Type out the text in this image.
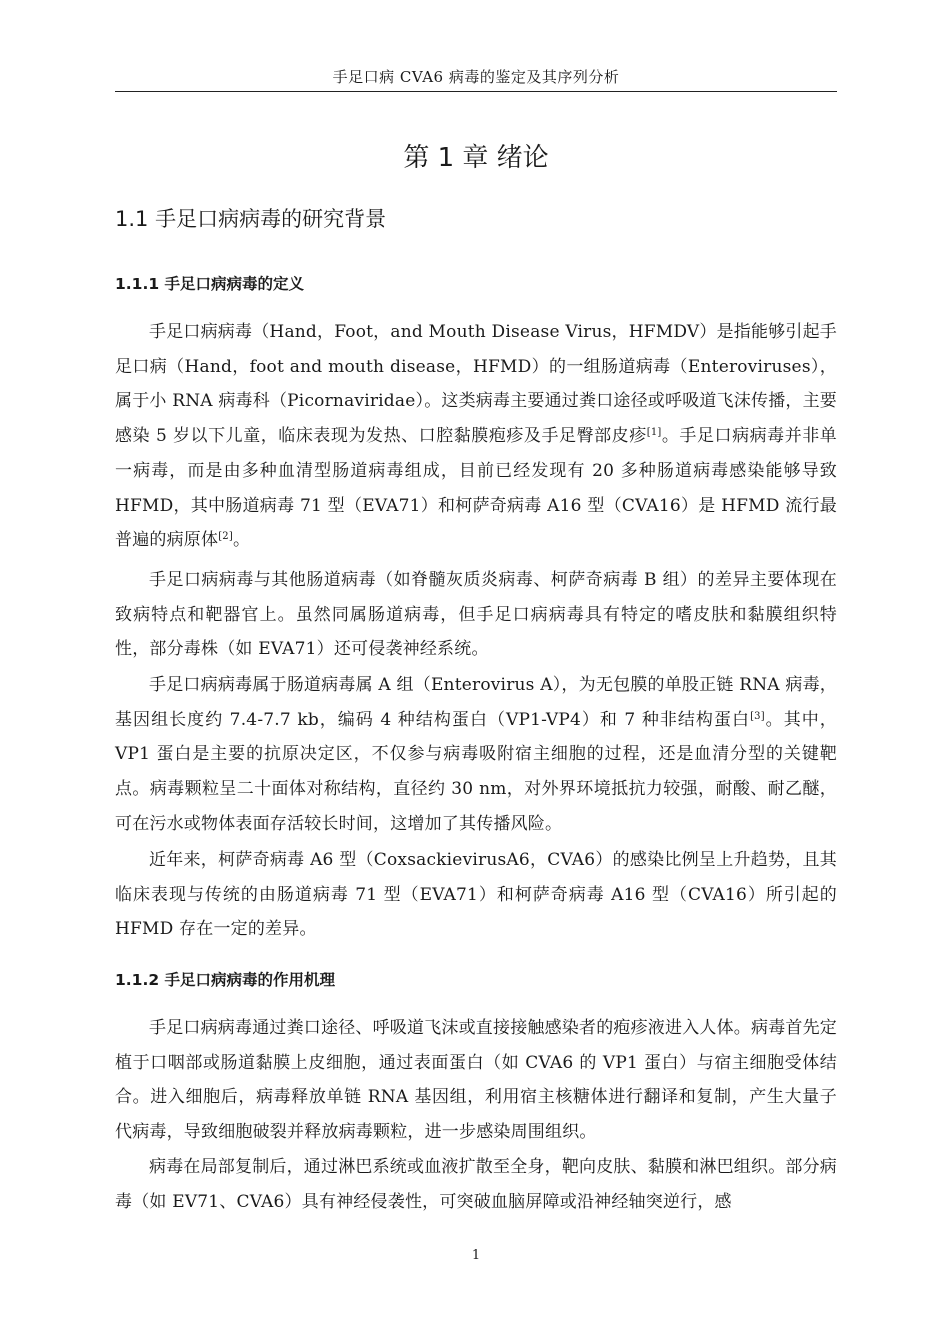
手足口病 CVA6 病毒的鉴定及其序列分析
第 1 章 绪论
1.1 手足口病病毒的研究背景
1.1.1 手足口病病毒的定义

手足口病病毒（Hand，Foot，and Mouth Disease Virus，HFMDV）是指能够引起手足口病（Hand，foot and mouth disease，HFMD）的一组肠道病毒（Enteroviruses），属于小 RNA 病毒科（Picornaviridae）。这类病毒主要通过粪口途径或呼吸道飞沫传播，主要感染 5 岁以下儿童，临床表现为发热、口腔黏膜疱疹及手足臀部皮疹[1]。手足口病病毒并非单一病毒，而是由多种血清型肠道病毒组成，目前已经发现有 20 多种肠道病毒感染能够导致 HFMD，其中肠道病毒 71 型（EVA71）和柯萨奇病毒 A16 型（CVA16）是 HFMD 流行最普遍的病原体[2]。

手足口病病毒与其他肠道病毒（如脊髓灰质炎病毒、柯萨奇病毒 B 组）的差异主要体现在致病特点和靶器官上。虽然同属肠道病毒，但手足口病病毒具有特定的嗜皮肤和黏膜组织特性，部分毒株（如 EVA71）还可侵袭神经系统。

手足口病病毒属于肠道病毒属 A 组（Enterovirus A），为无包膜的单股正链 RNA 病毒，基因组长度约 7.4-7.7 kb，编码 4 种结构蛋白（VP1-VP4）和 7 种非结构蛋白[3]。其中，VP1 蛋白是主要的抗原决定区，不仅参与病毒吸附宿主细胞的过程，还是血清分型的关键靶点。病毒颗粒呈二十面体对称结构，直径约 30 nm，对外界环境抵抗力较强，耐酸、耐乙醚，可在污水或物体表面存活较长时间，这增加了其传播风险。

近年来，柯萨奇病毒 A6 型（CoxsackievirusA6，CVA6）的感染比例呈上升趋势，且其临床表现与传统的由肠道病毒 71 型（EVA71）和柯萨奇病毒 A16 型（CVA16）所引起的 HFMD 存在一定的差异。

1.1.2 手足口病病毒的作用机理

手足口病病毒通过粪口途径、呼吸道飞沫或直接接触感染者的疱疹液进入人体。病毒首先定植于口咽部或肠道黏膜上皮细胞，通过表面蛋白（如 CVA6 的 VP1 蛋白）与宿主细胞受体结合。进入细胞后，病毒释放单链 RNA 基因组，利用宿主核糖体进行翻译和复制，产生大量子代病毒，导致细胞破裂并释放病毒颗粒，进一步感染周围组织。

病毒在局部复制后，通过淋巴系统或血液扩散至全身，靶向皮肤、黏膜和淋巴组织。部分病毒（如 EV71、CVA6）具有神经侵袭性，可突破血脑屏障或沿神经轴突逆行，感

1
